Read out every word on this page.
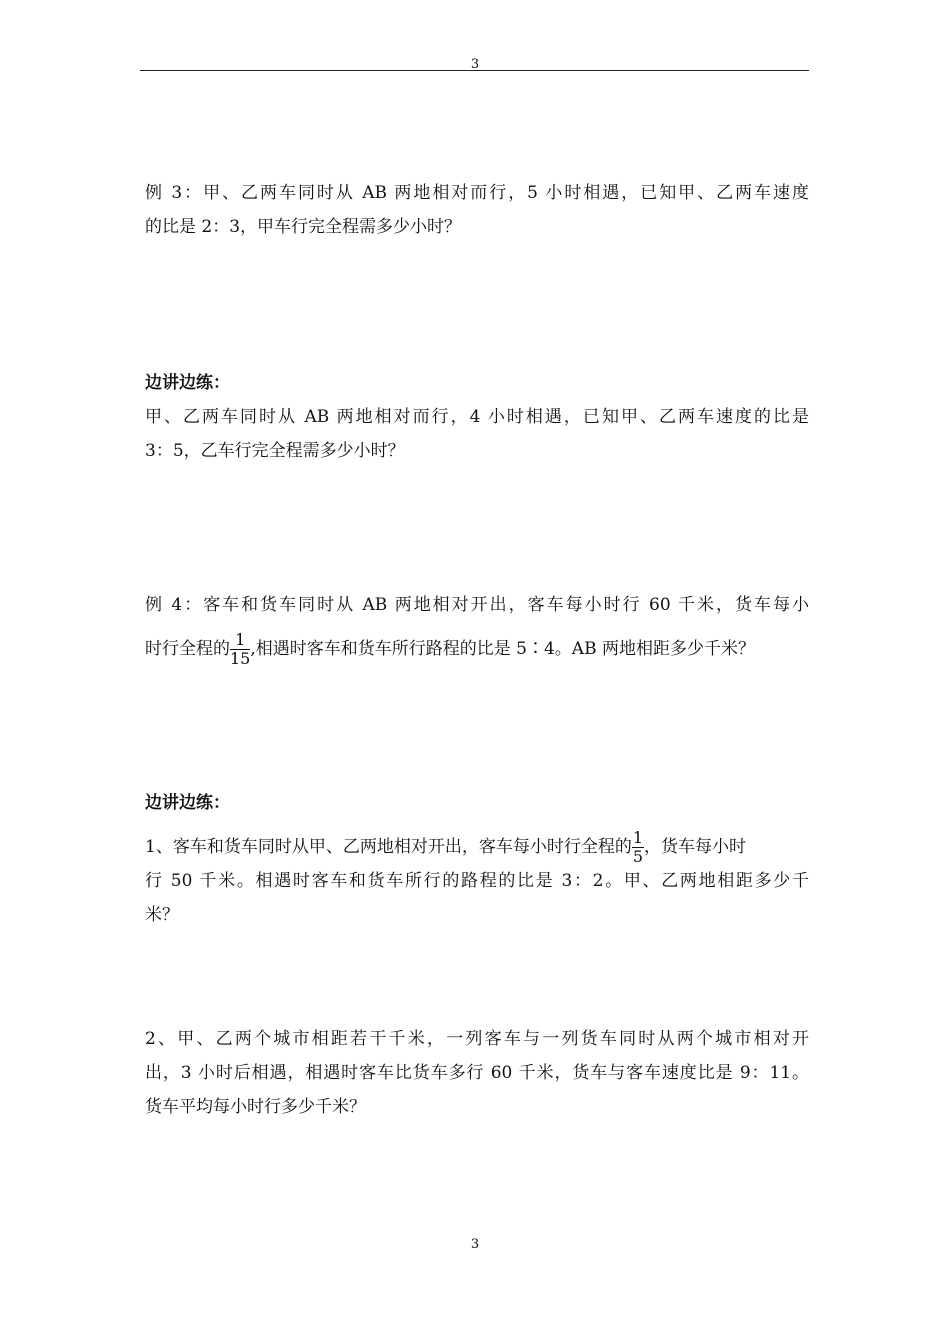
3
例 3：甲、乙两车同时从 AB 两地相对而行，5 小时相遇，已知甲、乙两车速度
的比是 2：3，甲车行完全程需多少小时？
边讲边练：
甲、乙两车同时从 AB 两地相对而行，4 小时相遇，已知甲、乙两车速度的比是
3：5，乙车行完全程需多少小时？
例 4：客车和货车同时从 AB 两地相对开出，客车每小时行 60 千米，货车每小
时行全程的 $\frac{1}{15}$ ,相遇时客车和货车所行路程的比是 5∶4。AB 两地相距多少千米？
边讲边练：
1、客车和货车同时从甲、乙两地相对开出，客车每小时行全程的 $\frac{1}{5}$ ，货车每小时
行 50 千米。相遇时客车和货车所行的路程的比是 3：2。甲、乙两地相距多少千
米？
2、甲、乙两个城市相距若干千米，一列客车与一列货车同时从两个城市相对开
出，3 小时后相遇，相遇时客车比货车多行 60 千米，货车与客车速度比是 9：11。
货车平均每小时行多少千米？
3
